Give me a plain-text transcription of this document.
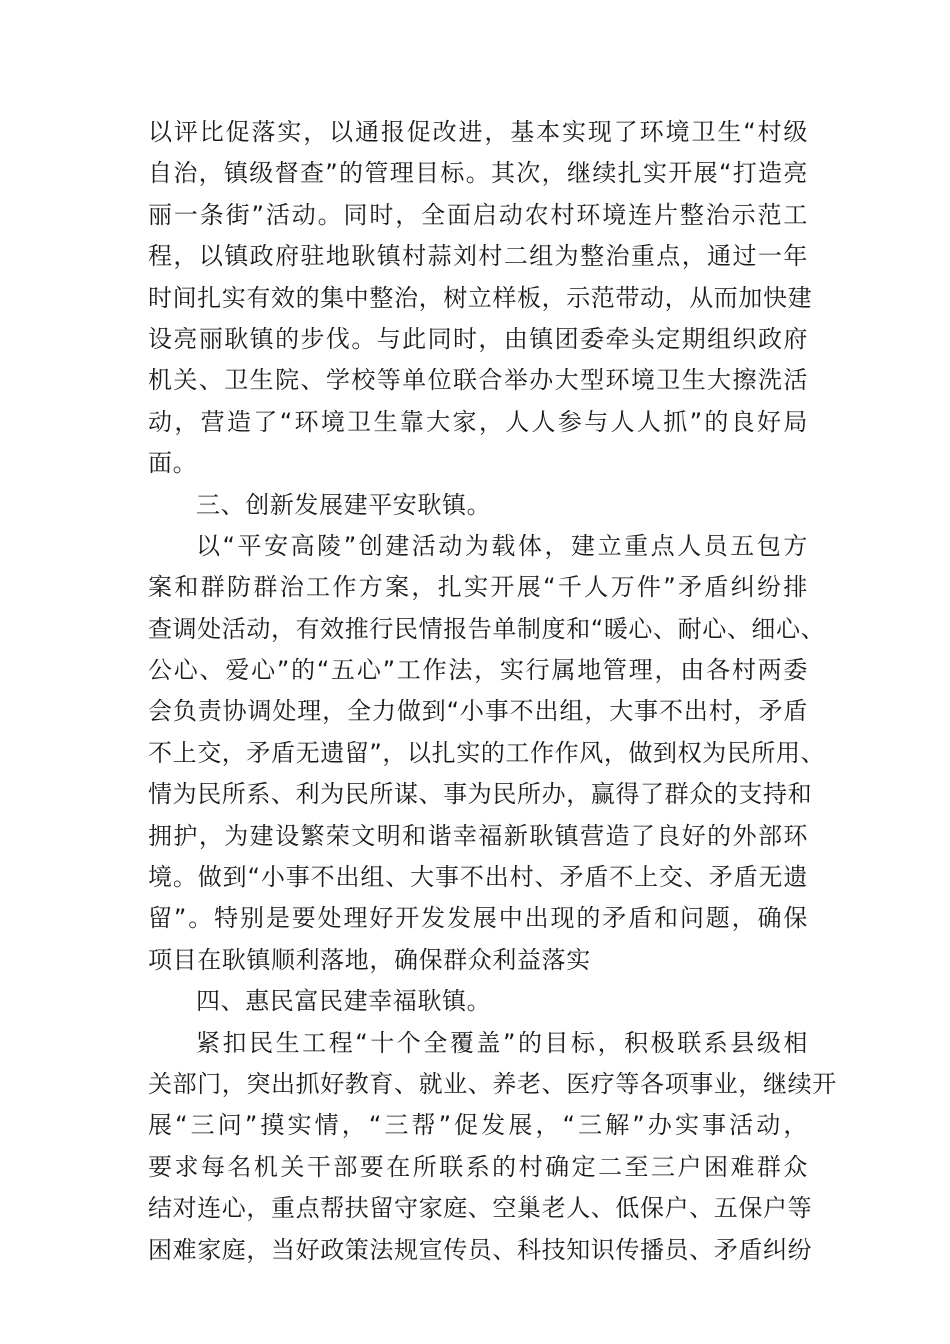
以评比促落实，以通报促改进，基本实现了环境卫生“村级
自治，镇级督查”的管理目标。其次，继续扎实开展“打造亮
丽一条街”活动。同时，全面启动农村环境连片整治示范工
程，以镇政府驻地耿镇村蒜刘村二组为整治重点，通过一年
时间扎实有效的集中整治，树立样板，示范带动，从而加快建
设亮丽耿镇的步伐。与此同时，由镇团委牵头定期组织政府
机关、卫生院、学校等单位联合举办大型环境卫生大擦洗活
动，营造了“环境卫生靠大家，人人参与人人抓”的良好局
面。
三、创新发展建平安耿镇。
以“平安高陵”创建活动为载体，建立重点人员五包方
案和群防群治工作方案，扎实开展“千人万件”矛盾纠纷排
查调处活动，有效推行民情报告单制度和“暖心、耐心、细心、
公心、爱心”的“五心”工作法，实行属地管理，由各村两委
会负责协调处理，全力做到“小事不出组，大事不出村，矛盾
不上交，矛盾无遗留”，以扎实的工作作风，做到权为民所用、
情为民所系、利为民所谋、事为民所办，赢得了群众的支持和
拥护，为建设繁荣文明和谐幸福新耿镇营造了良好的外部环
境。做到“小事不出组、大事不出村、矛盾不上交、矛盾无遗
留”。特别是要处理好开发发展中出现的矛盾和问题，确保
项目在耿镇顺利落地，确保群众利益落实
四、惠民富民建幸福耿镇。
紧扣民生工程“十个全覆盖”的目标，积极联系县级相
关部门，突出抓好教育、就业、养老、医疗等各项事业，继续开
展“三问”摸实情，“三帮”促发展，“三解”办实事活动，
要求每名机关干部要在所联系的村确定二至三户困难群众
结对连心，重点帮扶留守家庭、空巢老人、低保户、五保户等
困难家庭，当好政策法规宣传员、科技知识传播员、矛盾纠纷
